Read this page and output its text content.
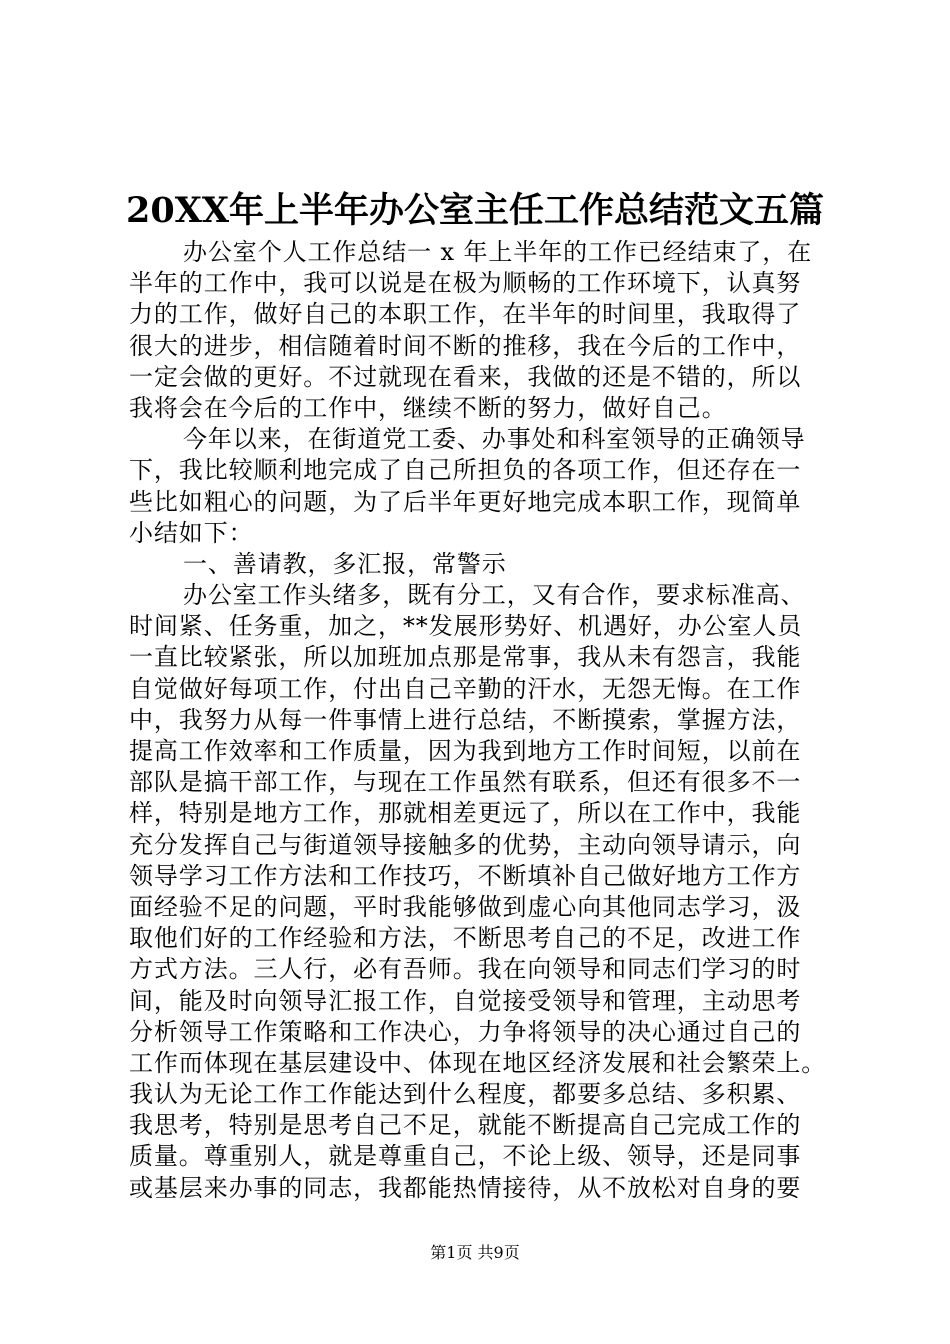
20XX年上半年办公室主任工作总结范文五篇
办公室个人工作总结一 x 年上半年的工作已经结束了，在
半年的工作中，我可以说是在极为顺畅的工作环境下，认真努
力的工作，做好自己的本职工作，在半年的时间里，我取得了
很大的进步，相信随着时间不断的推移，我在今后的工作中，
一定会做的更好。不过就现在看来，我做的还是不错的，所以
我将会在今后的工作中，继续不断的努力，做好自己。
今年以来，在街道党工委、办事处和科室领导的正确领导
下，我比较顺利地完成了自己所担负的各项工作，但还存在一
些比如粗心的问题，为了后半年更好地完成本职工作，现简单
小结如下：
一、善请教，多汇报，常警示
办公室工作头绪多，既有分工，又有合作，要求标准高、
时间紧、任务重，加之，**发展形势好、机遇好，办公室人员
一直比较紧张，所以加班加点那是常事，我从未有怨言，我能
自觉做好每项工作，付出自己辛勤的汗水，无怨无悔。在工作
中，我努力从每一件事情上进行总结，不断摸索，掌握方法，
提高工作效率和工作质量，因为我到地方工作时间短，以前在
部队是搞干部工作，与现在工作虽然有联系，但还有很多不一
样，特别是地方工作，那就相差更远了，所以在工作中，我能
充分发挥自己与街道领导接触多的优势，主动向领导请示，向
领导学习工作方法和工作技巧，不断填补自己做好地方工作方
面经验不足的问题，平时我能够做到虚心向其他同志学习，汲
取他们好的工作经验和方法，不断思考自己的不足，改进工作
方式方法。三人行，必有吾师。我在向领导和同志们学习的时
间，能及时向领导汇报工作，自觉接受领导和管理，主动思考
分析领导工作策略和工作决心，力争将领导的决心通过自己的
工作而体现在基层建设中、体现在地区经济发展和社会繁荣上。
我认为无论工作工作能达到什么程度，都要多总结、多积累、
我思考，特别是思考自己不足，就能不断提高自己完成工作的
质量。尊重别人，就是尊重自己，不论上级、领导，还是同事
或基层来办事的同志，我都能热情接待，从不放松对自身的要
第1页 共9页
